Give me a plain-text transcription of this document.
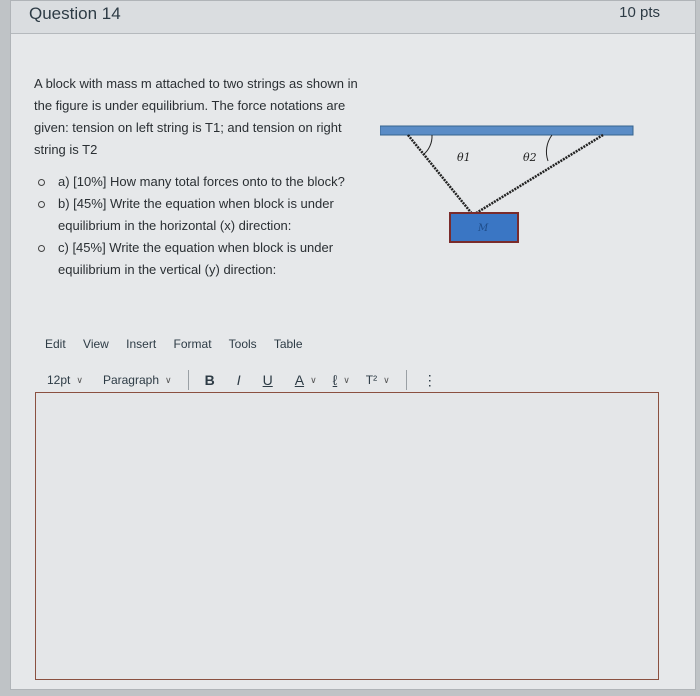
Question 14	10 pts

A block with mass m attached to two strings as shown in the figure is under equilibrium. The force notations are given: tension on left string is T1; and tension on right string is T2

a) [10%] How many total forces onto to the block?
b) [45%] Write the equation when block is under equilibrium in the horizontal (x) direction:
c) [45%] Write the equation when block is under equilibrium in the vertical (y) direction:
θ1	θ2
M
Edit View Insert Format Tools Table
12pt ∨ Paragraph ∨ B I U A ∨ ℓ ∨ T² ∨ ⋮
